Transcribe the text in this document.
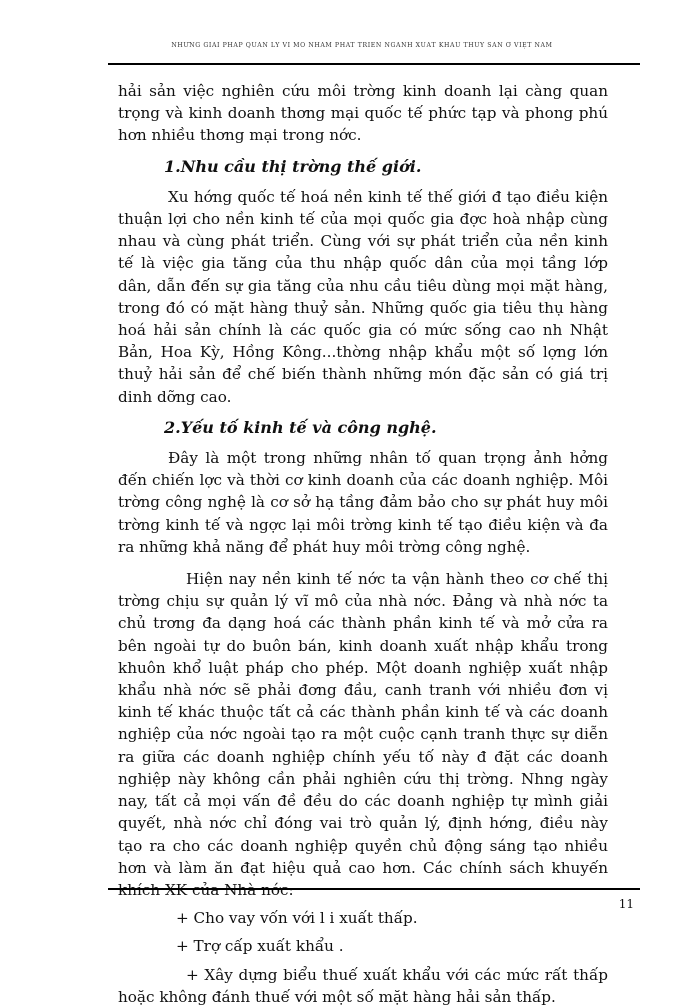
NHỮNG GIẢI PHÁP QUẢN LÝ VĨ MÔ NHẰM PHÁT TRIỂN NGÀNH XUẤT KHẨU THUỶ SẢN Ở VIỆT NAM

hải sản việc nghiên cứu môi trờng kinh doanh lại càng quan trọng và kinh doanh thơng mại quốc tế phức tạp và phong phú hơn nhiều thơng mại trong nớc.

1.Nhu cầu thị trờng thế giới.

Xu hớng quốc tế hoá nền kinh tế thế giới đ tạo điều kiện thuận lợi cho nền kinh tế của mọi quốc gia đợc hoà nhập cùng nhau và cùng phát triển. Cùng với sự phát triển của nền kinh tế là việc gia tăng của thu nhập quốc dân của mọi tầng lớp dân, dẫn đến sự gia tăng của nhu cầu tiêu dùng mọi mặt hàng, trong đó có mặt hàng thuỷ sản. Những quốc gia tiêu thụ hàng hoá hải sản chính là các quốc gia có mức sống cao nh Nhật Bản, Hoa Kỳ, Hồng Kông...thờng nhập khẩu một số lợng lớn thuỷ hải sản để chế biến thành những món đặc sản có giá trị dinh dỡng cao.

2.Yếu tố kinh tế và công nghệ.

Đây là một trong những nhân tố quan trọng ảnh hởng đến chiến lợc và thời cơ kinh doanh của các doanh nghiệp. Môi trờng công nghệ là cơ sở hạ tầng đảm bảo cho sự phát huy môi trờng kinh tế và ngợc lại môi trờng kinh tế tạo điều kiện và đa ra những khả năng để phát huy môi trờng công nghệ.

Hiện nay nền kinh tế nớc ta vận hành theo cơ chế thị trờng chịu sự quản lý vĩ mô của nhà nớc. Đảng và nhà nớc ta chủ trơng đa dạng hoá các thành phần kinh tế và mở cửa ra bên ngoài tự do buôn bán, kinh doanh xuất nhập khẩu trong khuôn khổ luật pháp cho phép. Một doanh nghiệp xuất nhập khẩu nhà nớc sẽ phải đơng đầu, canh tranh với nhiều đơn vị kinh tế khác thuộc tất cả các thành phần kinh tế và các doanh nghiệp của nớc ngoài tạo ra một cuộc cạnh tranh thực sự diễn ra giữa các doanh nghiệp chính yếu tố này đ đặt các doanh nghiệp này không cần phải nghiên cứu thị trờng. Nhng ngày nay, tất cả mọi vấn đề đều do các doanh nghiệp tự mình giải quyết, nhà nớc chỉ đóng vai trò quản lý, định hớng, điều này tạo ra cho các doanh nghiệp quyền chủ động sáng tạo nhiều hơn và làm ăn đạt hiệu quả cao hơn. Các chính sách khuyến khích XK của Nhà nớc:

+ Cho vay vốn với l i xuất thấp.

+ Trợ cấp xuất khẩu .

+ Xây dựng biểu thuế xuất khẩu với các mức rất thấp hoặc không đánh thuế với một số mặt hàng hải sản thấp.

11
